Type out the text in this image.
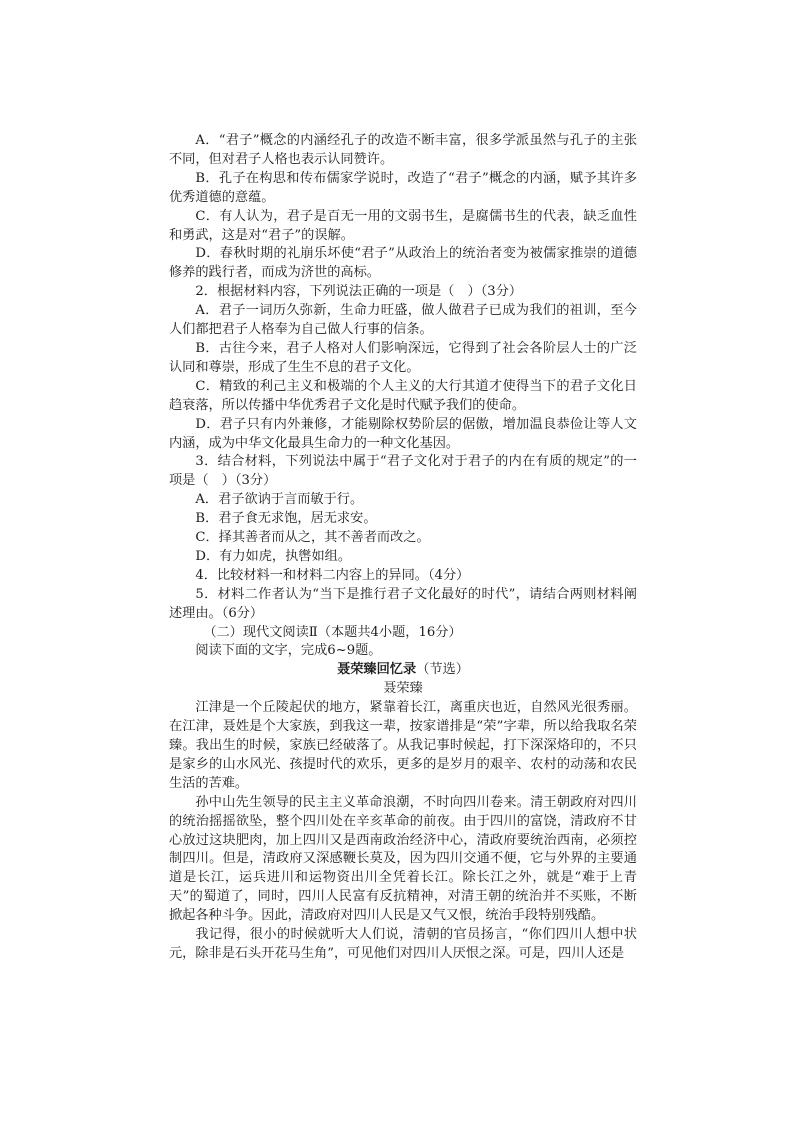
A．“君子”概念的内涵经孔子的改造不断丰富，很多学派虽然与孔子的主张不同，但对君子人格也表示认同赞许。

B．孔子在构思和传布儒家学说时，改造了“君子”概念的内涵，赋予其许多优秀道德的意蕴。

C．有人认为，君子是百无一用的文弱书生，是腐儒书生的代表，缺乏血性和勇武，这是对“君子”的误解。

D．春秋时期的礼崩乐坏使“君子”从政治上的统治者变为被儒家推崇的道德修养的践行者，而成为济世的高标。

2．根据材料内容，下列说法正确的一项是（　）（3分）

A．君子一词历久弥新，生命力旺盛，做人做君子已成为我们的祖训，至今人们都把君子人格奉为自己做人行事的信条。

B．古往今来，君子人格对人们影响深远，它得到了社会各阶层人士的广泛认同和尊崇，形成了生生不息的君子文化。

C．精致的利己主义和极端的个人主义的大行其道才使得当下的君子文化日趋衰落，所以传播中华优秀君子文化是时代赋予我们的使命。

D．君子只有内外兼修，才能剔除权势阶层的倨傲，增加温良恭俭让等人文内涵，成为中华文化最具生命力的一种文化基因。

3．结合材料，下列说法中属于“君子文化对于君子的内在有质的规定”的一项是（　）（3分）

A．君子欲讷于言而敏于行。

B．君子食无求饱，居无求安。

C．择其善者而从之，其不善者而改之。

D．有力如虎，执辔如组。

4．比较材料一和材料二内容上的异同。（4分）

5．材料二作者认为“当下是推行君子文化最好的时代”，请结合两则材料阐述理由。（6分）

（二）现代文阅读Ⅱ（本题共4小题，16分）

阅读下面的文字，完成6~9题。

聂荣臻回忆录（节选）
聂荣臻

江津是一个丘陵起伏的地方，紧靠着长江，离重庆也近，自然风光很秀丽。在江津，聂姓是个大家族，到我这一辈，按家谱排是“荣”字辈，所以给我取名荣臻。我出生的时候，家族已经破落了。从我记事时候起，打下深深烙印的，不只是家乡的山水风光、孩提时代的欢乐，更多的是岁月的艰辛、农村的动荡和农民生活的苦难。

孙中山先生领导的民主主义革命浪潮，不时向四川卷来。清王朝政府对四川的统治摇摇欲坠，整个四川处在辛亥革命的前夜。由于四川的富饶，清政府不甘心放过这块肥肉，加上四川又是西南政治经济中心，清政府要统治西南，必须控制四川。但是，清政府又深感鞭长莫及，因为四川交通不便，它与外界的主要通道是长江，运兵进川和运物资出川全凭着长江。除长江之外，就是“难于上青天”的蜀道了，同时，四川人民富有反抗精神，对清王朝的统治并不买账，不断掀起各种斗争。因此，清政府对四川人民是又气又恨，统治手段特别残酷。

我记得，很小的时候就听大人们说，清朝的官员扬言，“你们四川人想中状元，除非是石头开花马生角”，可见他们对四川人厌恨之深。可是，四川人还是
